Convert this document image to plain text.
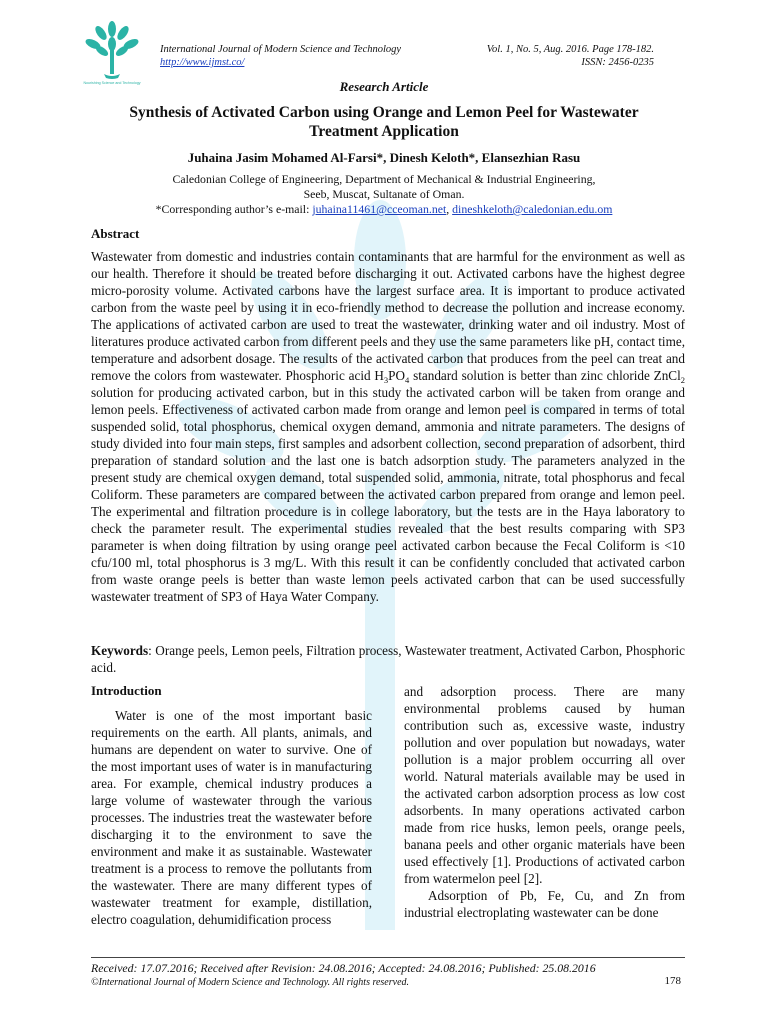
Nourishing Science and Technology
International Journal of Modern Science and Technology
http://www.ijmst.co/
Vol. 1, No. 5, Aug. 2016. Page 178-182.
ISSN: 2456-0235
Research Article
Synthesis of Activated Carbon using Orange and Lemon Peel for Wastewater
Treatment Application
Juhaina Jasim Mohamed Al-Farsi*, Dinesh Keloth*, Elansezhian Rasu
Caledonian College of Engineering, Department of Mechanical & Industrial Engineering,
Seeb, Muscat, Sultanate of Oman.
*Corresponding author’s e-mail: juhaina11461@cceoman.net, dineshkeloth@caledonian.edu.om
Abstract
Wastewater from domestic and industries contain contaminants that are harmful for the environment as well as our health. Therefore it should be treated before discharging it out. Activated carbons have the highest degree micro-porosity volume. Activated carbons have the largest surface area. It is important to produce activated carbon from the waste peel by using it in eco-friendly method to decrease the pollution and increase economy. The applications of activated carbon are used to treat the wastewater, drinking water and oil industry. Most of literatures produce activated carbon from different peels and they use the same parameters like pH, contact time, temperature and adsorbent dosage. The results of the activated carbon that produces from the peel can treat and remove the colors from wastewater. Phosphoric acid $H_3PO_4$ standard solution is better than zinc chloride ZnCl$_2$ solution for producing activated carbon, but in this study the activated carbon will be taken from orange and lemon peels. Effectiveness of activated carbon made from orange and lemon peel is compared in terms of total suspended solid, total phosphorus, chemical oxygen demand, ammonia and nitrate parameters. The designs of study divided into four main steps, first samples and adsorbent collection, second preparation of adsorbent, third preparation of standard solution and the last one is batch adsorption study. The parameters analyzed in the present study are chemical oxygen demand, total suspended solid, ammonia, nitrate, total phosphorus and fecal Coliform. These parameters are compared between the activated carbon prepared from orange and lemon peel. The experimental and filtration procedure is in college laboratory, but the tests are in the Haya laboratory to check the parameter result. The experimental studies revealed that the best results comparing with SP3 parameter is when doing filtration by using orange peel activated carbon because the Fecal Coliform is <10 cfu/100 ml, total phosphorus is 3 mg/L. With this result it can be confidently concluded that activated carbon from waste orange peels is better than waste lemon peels activated carbon that can be used successfully wastewater treatment of SP3 of Haya Water Company.
Keywords: Orange peels, Lemon peels, Filtration process, Wastewater treatment, Activated Carbon, Phosphoric acid.
Introduction
Water is one of the most important basic requirements on the earth. All plants, animals, and humans are dependent on water to survive. One of the most important uses of water is in manufacturing area. For example, chemical industry produces a large volume of wastewater through the various processes. The industries treat the wastewater before discharging it to the environment to save the environment and make it as sustainable. Wastewater treatment is a process to remove the pollutants from the wastewater. There are many different types of wastewater treatment for example, distillation, electro coagulation, dehumidification process
and adsorption process. There are many environmental problems caused by human contribution such as, excessive waste, industry pollution and over population but nowadays, water pollution is a major problem occurring all over world. Natural materials available may be used in the activated carbon adsorption process as low cost adsorbents. In many operations activated carbon made from rice husks, lemon peels, orange peels, banana peels and other organic materials have been used effectively [1]. Productions of activated carbon from watermelon peel [2].
Adsorption of Pb, Fe, Cu, and Zn from industrial electroplating wastewater can be done
Received: 17.07.2016; Received after Revision: 24.08.2016; Accepted: 24.08.2016; Published: 25.08.2016
©International Journal of Modern Science and Technology. All rights reserved.	178
